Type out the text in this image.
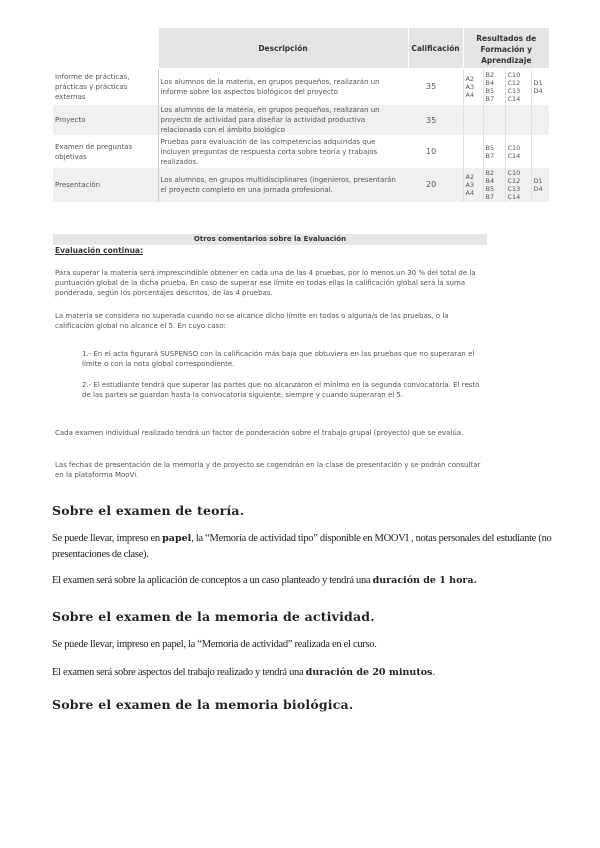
	Descripción	Calificación	Resultados de
Formación y
Aprendizaje			

Informe de prácticas, prácticas y prácticas externas	Los alumnos de la materia, en grupos pequeños, realizarán un informe sobre los aspectos biológicos del proyecto	35	A2
A3
A4	B2
B4
B5
B7	C10
C12
C13
C14	D1
D4

Proyecto	Los alumnos de la materia, en grupos pequeños, realizaran un proyecto de actividad para diseñar la actividad productiva relacionada con el ámbito biológico	35				
Examen de preguntas objetivas	Pruebas para evaluación de las competencias adquiridas que incluyen preguntas de respuesta corta sobre teoría y trabajos realizados.	10		B5
B7	C10
C14	

Presentación	Los alumnos, en grupos multidisciplinares (ingenieros, presentarán el proyecto completo en una jornada profesional.	20	A2
A3
A4	B2
B4
B5
B7	C10
C12
C13
C14	D1
D4
Otros comentarios sobre la Evaluación
Evaluación continua:

Para superar la materia será imprescindible obtener en cada una de las 4 pruebas, por lo menos un 30 % del total de la puntuación global de la dicha prueba. En caso de superar ese límite en todas ellas la calificación global será la suma ponderada, según los porcentajes descritos, de las 4 pruebas.

La materia se considera no superada cuando no se alcance dicho límite en todas o alguna/s de las pruebas, o la calificación global no alcance el 5. En cuyo caso:

1.- En el acta figurará SUSPENSO con la calificación más baja que obtuviera en las pruebas que no superaran el límite o con la nota global correspondiente.

2.- El estudiante tendrá que superar las partes que no alcanzaron el mínimo en la segunda convocatoria. El resto de las partes se guardan hasta la convocatoria siguiente, siempre y cuando superaran el 5.

Cada examen individual realizado tendrá un factor de ponderación sobre el trabajo grupal (proyecto) que se evalúa.

Las fechas de presentación de la memoria y de proyecto se cogendrán en la clase de presentación y se podrán consultar en la plataforma MooVi.

Sobre el examen de teoría.

Se puede llevar, impreso en papel, la “Memoria de actividad tipo” disponible en MOOVI , notas personales del estudiante (no presentaciones de clase).

El examen será sobre la aplicación de conceptos a un caso planteado y tendrá una duración de 1 hora.

Sobre el examen de la memoria de actividad.

Se puede llevar, impreso en papel, la “Memoria de actividad” realizada en el curso.

El examen será sobre aspectos del trabajo realizado y tendrá una duración de 20 minutos.

Sobre el examen de la memoria biológica.
